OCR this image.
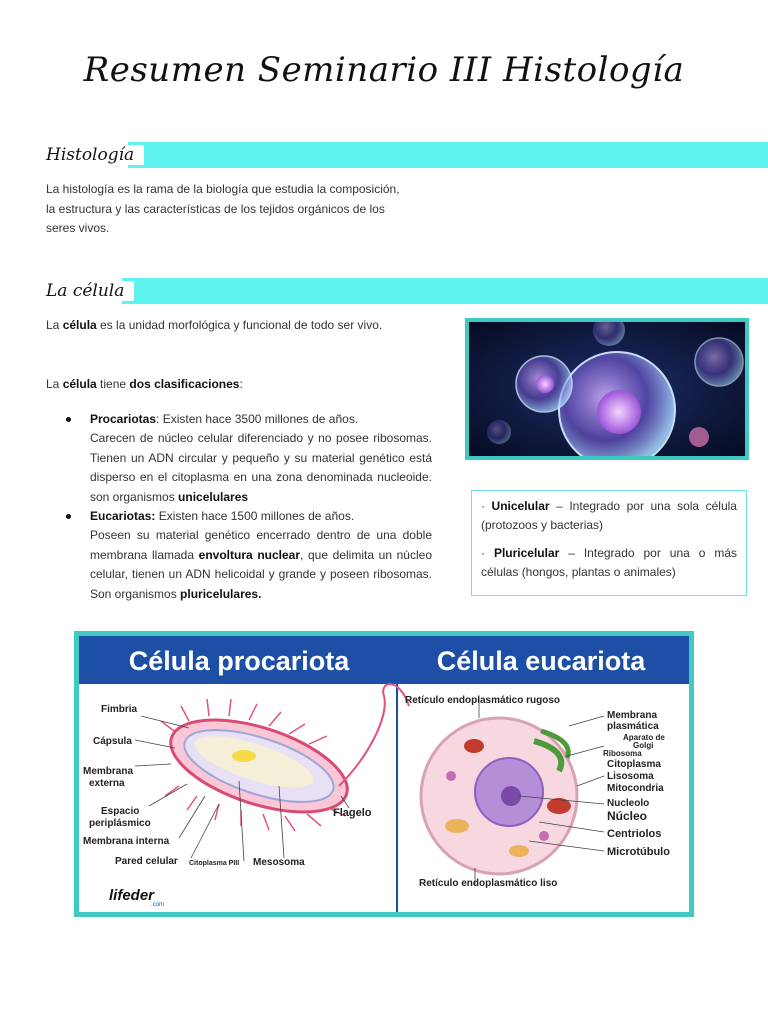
Resumen Seminario III Histología
Histología
La histología es la rama de la biología que estudia la composición,
la estructura y las características de los tejidos orgánicos de los
seres vivos.
La célula
La célula es la unidad morfológica y funcional de todo ser vivo.
La célula tiene dos clasificaciones:
Procariotas: Existen hace 3500 millones de años.
Carecen de núcleo celular diferenciado y no posee ribosomas. Tienen un ADN circular y pequeño y su material genético está disperso en el citoplasma en una zona denominada nucleoide. son organismos unicelulares
Eucariotas: Existen hace 1500 millones de años.
Poseen su material genético encerrado dentro de una doble membrana llamada envoltura nuclear, que delimita un núcleo celular, tienen un ADN helicoidal y grande y poseen ribosomas. Son organismos pluricelulares.

· Unicelular – Integrado por una sola célula (protozoos y bacterias)

· Pluricelular – Integrado por una o más células (hongos, plantas o animales)

Célula procariota	Célula eucariota
Fimbria
Cápsula
Membrana
externa
Espacio
periplásmico
Membrana interna
Pared celular Citoplasma PIII Mesosoma
Flagelo
lifeder
.com
Retículo endoplasmático rugoso
Membrana
plasmática
Aparato de
Golgi
Ribosoma
Citoplasma
Lisosoma
Mitocondria
Nucleolo
Núcleo
Centriolos
Microtúbulo
Retículo endoplasmático liso
